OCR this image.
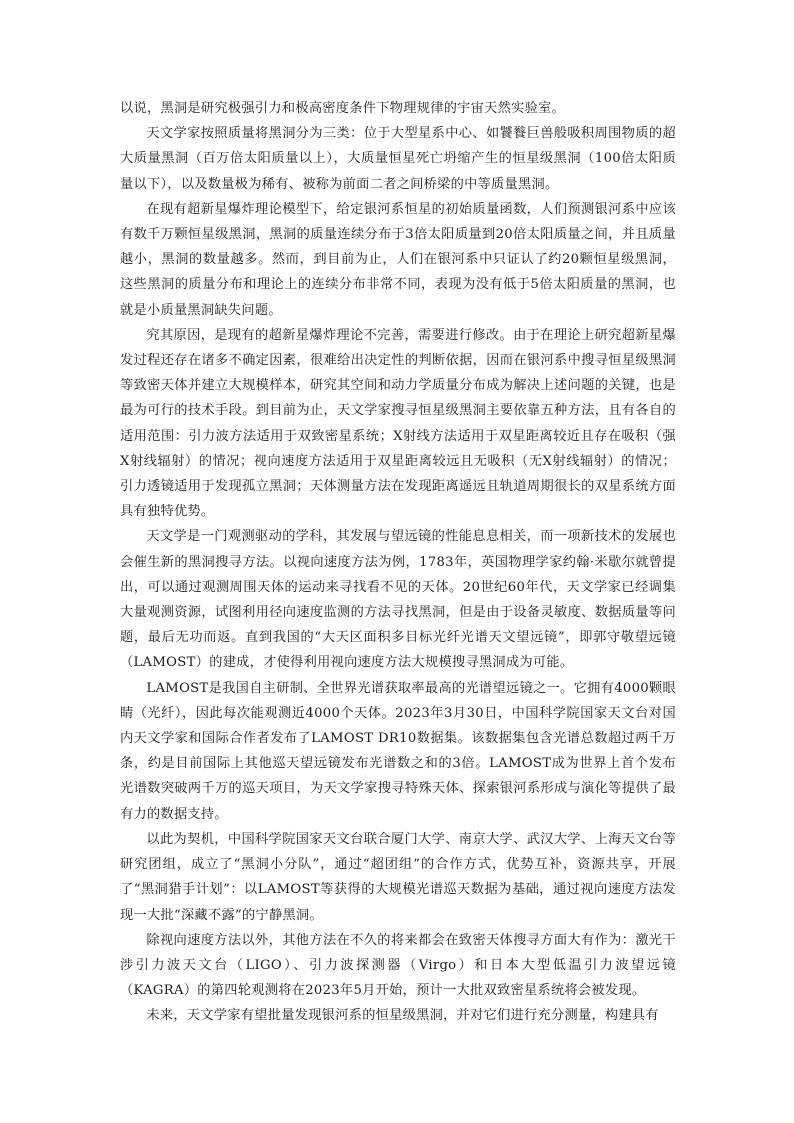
以说，黑洞是研究极强引力和极高密度条件下物理规律的宇宙天然实验室。

天文学家按照质量将黑洞分为三类：位于大型星系中心、如饕餮巨兽般吸积周围物质的超大质量黑洞（百万倍太阳质量以上），大质量恒星死亡坍缩产生的恒星级黑洞（100倍太阳质量以下），以及数量极为稀有、被称为前面二者之间桥梁的中等质量黑洞。

在现有超新星爆炸理论模型下，给定银河系恒星的初始质量函数，人们预测银河系中应该有数千万颗恒星级黑洞，黑洞的质量连续分布于3倍太阳质量到20倍太阳质量之间，并且质量越小，黑洞的数量越多。然而，到目前为止，人们在银河系中只证认了约20颗恒星级黑洞，这些黑洞的质量分布和理论上的连续分布非常不同，表现为没有低于5倍太阳质量的黑洞，也就是小质量黑洞缺失问题。

究其原因，是现有的超新星爆炸理论不完善，需要进行修改。由于在理论上研究超新星爆发过程还存在诸多不确定因素，很难给出决定性的判断依据，因而在银河系中搜寻恒星级黑洞等致密天体并建立大规模样本，研究其空间和动力学质量分布成为解决上述问题的关键，也是最为可行的技术手段。到目前为止，天文学家搜寻恒星级黑洞主要依靠五种方法，且有各自的适用范围：引力波方法适用于双致密星系统；X射线方法适用于双星距离较近且存在吸积（强X射线辐射）的情况；视向速度方法适用于双星距离较远且无吸积（无X射线辐射）的情况；引力透镜适用于发现孤立黑洞；天体测量方法在发现距离遥远且轨道周期很长的双星系统方面具有独特优势。

天文学是一门观测驱动的学科，其发展与望远镜的性能息息相关，而一项新技术的发展也会催生新的黑洞搜寻方法。以视向速度方法为例，1783年，英国物理学家约翰·米歇尔就曾提出，可以通过观测周围天体的运动来寻找看不见的天体。20世纪60年代，天文学家已经调集大量观测资源，试图利用径向速度监测的方法寻找黑洞，但是由于设备灵敏度、数据质量等问题，最后无功而返。直到我国的“大天区面积多目标光纤光谱天文望远镜”，即郭守敬望远镜（LAMOST）的建成，才使得利用视向速度方法大规模搜寻黑洞成为可能。

LAMOST是我国自主研制、全世界光谱获取率最高的光谱望远镜之一。它拥有4000颗眼睛（光纤），因此每次能观测近4000个天体。2023年3月30日，中国科学院国家天文台对国内天文学家和国际合作者发布了LAMOST DR10数据集。该数据集包含光谱总数超过两千万条，约是目前国际上其他巡天望远镜发布光谱数之和的3倍。LAMOST成为世界上首个发布光谱数突破两千万的巡天项目，为天文学家搜寻特殊天体、探索银河系形成与演化等提供了最有力的数据支持。

以此为契机，中国科学院国家天文台联合厦门大学、南京大学、武汉大学、上海天文台等研究团组，成立了“黑洞小分队”，通过“超团组”的合作方式，优势互补，资源共享，开展了“黑洞猎手计划”：以LAMOST等获得的大规模光谱巡天数据为基础，通过视向速度方法发现一大批“深藏不露”的宁静黑洞。

除视向速度方法以外，其他方法在不久的将来都会在致密天体搜寻方面大有作为：激光干涉引力波天文台（LIGO）、引力波探测器（Virgo）和日本大型低温引力波望远镜（KAGRA）的第四轮观测将在2023年5月开始，预计一大批双致密星系统将会被发现。

未来，天文学家有望批量发现银河系的恒星级黑洞，并对它们进行充分测量，构建具有
